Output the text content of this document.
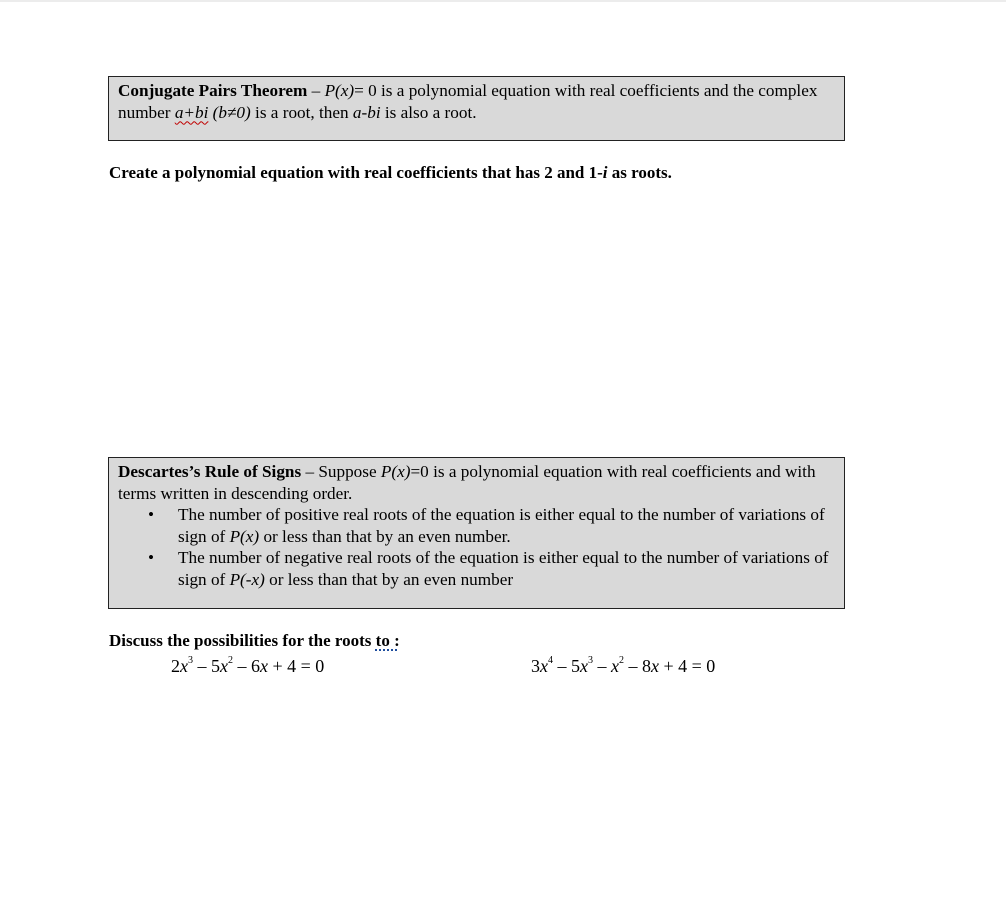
Conjugate Pairs Theorem – P(x)= 0 is a polynomial equation with real coefficients and the complex number a+bi (b≠0) is a root, then a-bi is also a root.
Create a polynomial equation with real coefficients that has 2 and 1-i as roots.
Descartes’s Rule of Signs – Suppose P(x)=0 is a polynomial equation with real coefficients and with terms written in descending order.
• The number of positive real roots of the equation is either equal to the number of variations of sign of P(x) or less than that by an even number.
• The number of negative real roots of the equation is either equal to the number of variations of sign of P(-x) or less than that by an even number
Discuss the possibilities for the roots to :
$2x^3 - 5x^2 - 6x + 4 = 0$	$3x^4 - 5x^3 - x^2 - 8x + 4 = 0$
